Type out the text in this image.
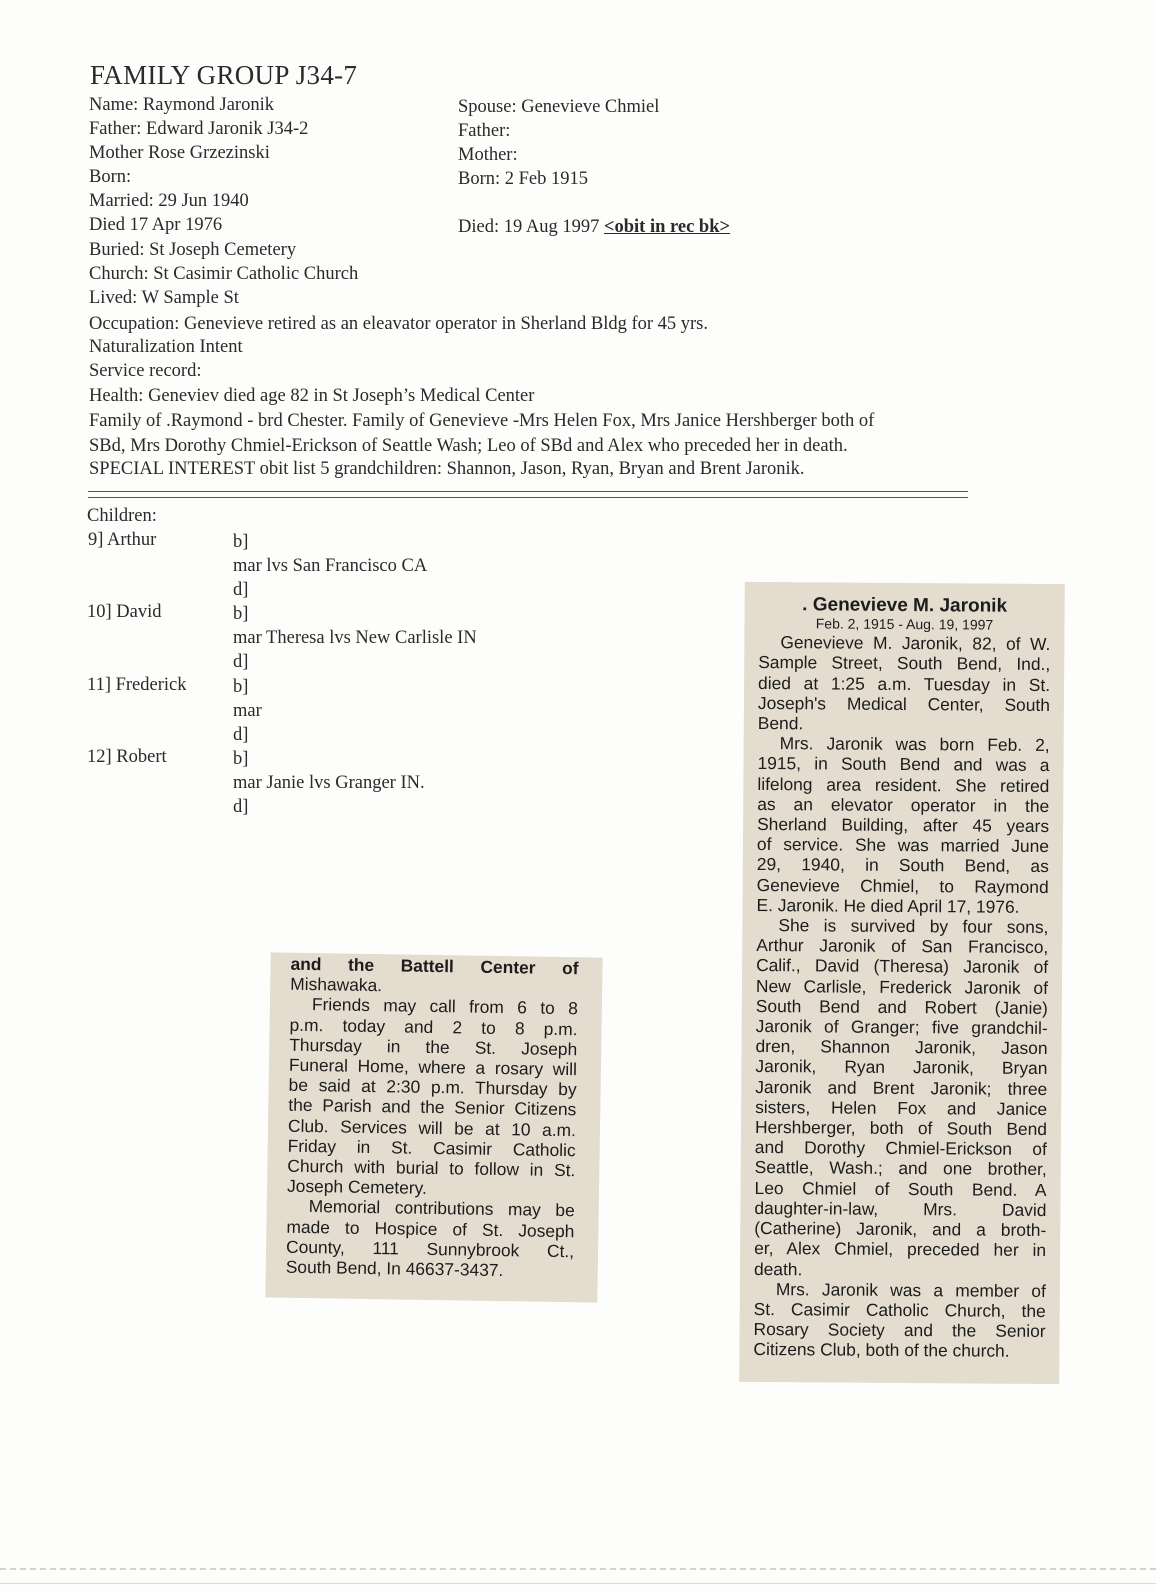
FAMILY GROUP J34-7
Name: Raymond Jaronik
Father: Edward Jaronik J34-2
Mother Rose Grzezinski
Born:
Married: 29 Jun 1940
Died 17 Apr 1976
Buried: St Joseph Cemetery
Church: St Casimir Catholic Church
Lived: W Sample St
Spouse: Genevieve Chmiel
Father:
Mother:
Born: 2 Feb 1915
Died: 19 Aug 1997 <obit in rec bk>
Occupation: Genevieve retired as an eleavator operator in Sherland Bldg for 45 yrs.
Naturalization Intent
Service record:
Health: Geneviev died age 82 in St Joseph’s Medical Center
Family of .Raymond - brd Chester. Family of Genevieve -Mrs Helen Fox, Mrs Janice Hershberger both of
SBd, Mrs Dorothy Chmiel-Erickson of Seattle Wash; Leo of SBd and Alex who preceded her in death.
SPECIAL INTEREST obit list 5 grandchildren: Shannon, Jason, Ryan, Bryan and Brent Jaronik.
Children:
9] Arthur	b]
mar lvs San Francisco CA
d]
10] David	b]
mar Theresa lvs New Carlisle IN
d]
11] Frederick	b]
mar
d]
12] Robert	b]
mar Janie lvs Granger IN.
d]
and the Battell Center of
Mishawaka.
Friends may call from 6 to 8
p.m. today and 2 to 8 p.m.
Thursday in the St. Joseph
Funeral Home, where a rosary will
be said at 2:30 p.m. Thursday by
the Parish and the Senior Citizens
Club. Services will be at 10 a.m.
Friday in St. Casimir Catholic
Church with burial to follow in St.
Joseph Cemetery.
Memorial contributions may be
made to Hospice of St. Joseph
County, 111 Sunnybrook Ct.,
South Bend, In 46637-3437.
. Genevieve M. Jaronik
Feb. 2, 1915 - Aug. 19, 1997
Genevieve M. Jaronik, 82, of W.
Sample Street, South Bend, Ind.,
died at 1:25 a.m. Tuesday in St.
Joseph's Medical Center, South
Bend.
Mrs. Jaronik was born Feb. 2,
1915, in South Bend and was a
lifelong area resident. She retired
as an elevator operator in the
Sherland Building, after 45 years
of service. She was married June
29, 1940, in South Bend, as
Genevieve Chmiel, to Raymond
E. Jaronik. He died April 17, 1976.
She is survived by four sons,
Arthur Jaronik of San Francisco,
Calif., David (Theresa) Jaronik of
New Carlisle, Frederick Jaronik of
South Bend and Robert (Janie)
Jaronik of Granger; five grandchil-
dren, Shannon Jaronik, Jason
Jaronik, Ryan Jaronik, Bryan
Jaronik and Brent Jaronik; three
sisters, Helen Fox and Janice
Hershberger, both of South Bend
and Dorothy Chmiel-Erickson of
Seattle, Wash.; and one brother,
Leo Chmiel of South Bend. A
daughter-in-law, Mrs. David
(Catherine) Jaronik, and a broth-
er, Alex Chmiel, preceded her in
death.
Mrs. Jaronik was a member of
St. Casimir Catholic Church, the
Rosary Society and the Senior
Citizens Club, both of the church.
